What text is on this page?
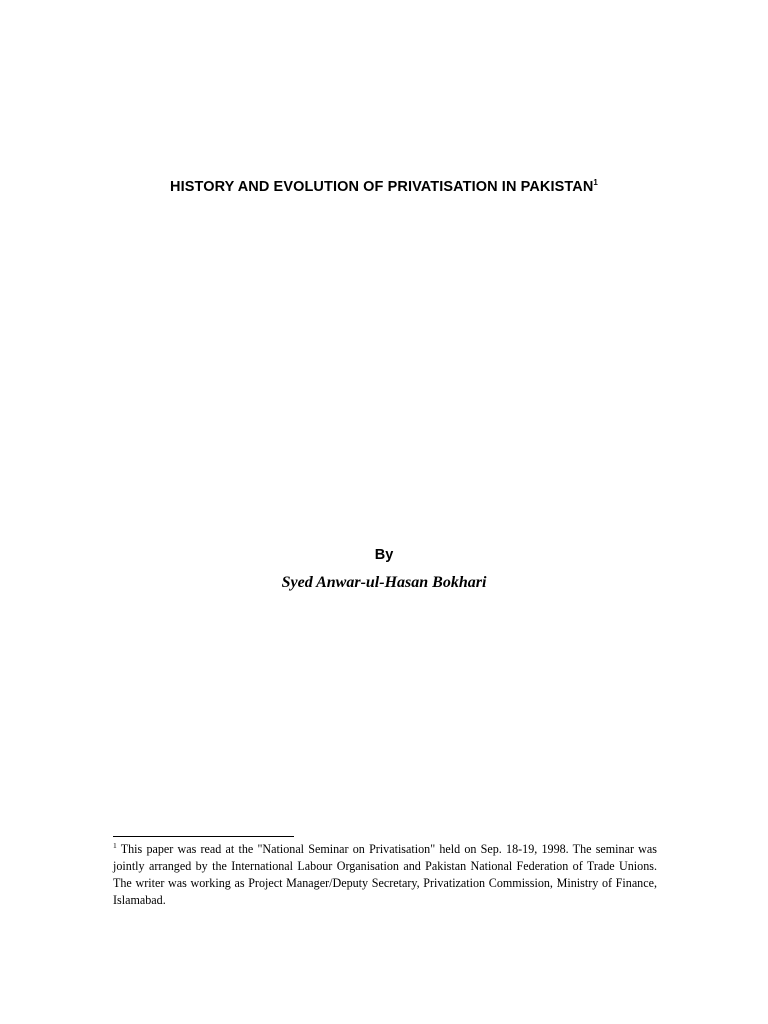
HISTORY AND EVOLUTION OF PRIVATISATION IN PAKISTAN$^1$
By
Syed Anwar-ul-Hasan Bokhari
$^1$ This paper was read at the "National Seminar on Privatisation" held on Sep. 18-19, 1998. The seminar was jointly arranged by the International Labour Organisation and Pakistan National Federation of Trade Unions. The writer was working as Project Manager/Deputy Secretary, Privatization Commission, Ministry of Finance, Islamabad.
